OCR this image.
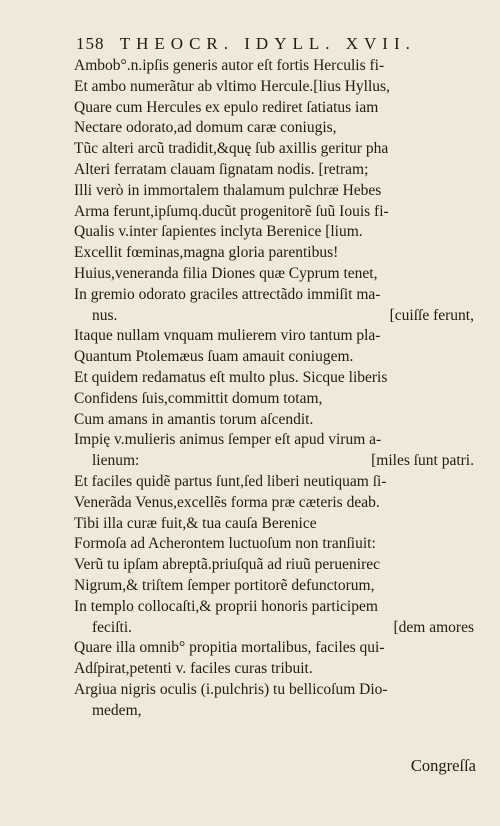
158 THEOCR. IDYLL. XVII.
Ambob°.n.ipſis generis autor eſt fortis Herculis fi-
Et ambo numerãtur ab vltimo Hercule.[lius Hyllus,
Quare cum Hercules ex epulo rediret ſatiatus iam
Nectare odorato,ad domum caræ coniugis,
Tũc alteri arcũ tradidit,&quę ſub axillis geritur pha
Alteri ferratam clauam ſignatam nodis. [retram;
Illi verò in immortalem thalamum pulchræ Hebes
Arma ferunt,ipſumq.ducũt progenitorẽ ſuũ Iouis fi-
Qualis v.inter ſapientes inclyta Berenice [lium.
Excellit fœminas,magna gloria parentibus!
Huius,veneranda filia Diones quæ Cyprum tenet,
In gremio odorato graciles attrectãdo immiſit ma-
nus.	[cuiſſe ferunt,
Itaque nullam vnquam mulierem viro tantum pla-
Quantum Ptolemæus ſuam amauit coniugem.
Et quidem redamatus eſt multo plus. Sicque liberis
Confidens ſuis,committit domum totam,
Cum amans in amantis torum aſcendit.
Impię v.mulieris animus ſemper eſt apud virum a-
lienum:	[miles ſunt patri.
Et faciles quidẽ partus ſunt,ſed liberi neutiquam ſi-
Venerãda Venus,excellẽs forma præ cæteris deab.
Tibi illa curæ fuit,& tua cauſa Berenice
Formoſa ad Acherontem luctuoſum non tranſiuit:
Verũ tu ipſam abreptã.priuſquã ad riuũ peruenirec
Nigrum,& triſtem ſemper portitorẽ defunctorum,
In templo collocaſti,& proprii honoris participem
feciſti.	[dem amores
Quare illa omnib° propitia mortalibus, faciles qui-
Adſpirat,petenti v. faciles curas tribuit.
Argiua nigris oculis (i.pulchris) tu bellicoſum Dio-
medem,
Congreſſa
